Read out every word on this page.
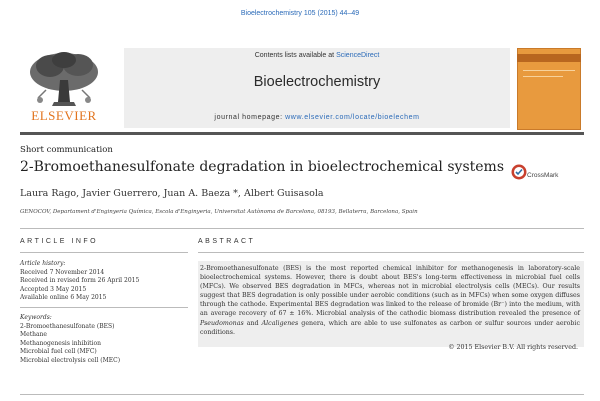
Bioelectrochemistry 105 (2015) 44–49
ELSEVIER
Contents lists available at ScienceDirect
Bioelectrochemistry
journal homepage: www.elsevier.com/locate/bioelechem
Short communication
2-Bromoethanesulfonate degradation in bioelectrochemical systems
CrossMark
Laura Rago, Javier Guerrero, Juan A. Baeza *, Albert Guisasola
GENOCOV, Departament d'Enginyeria Química, Escola d'Enginyeria, Universitat Autònoma de Barcelona, 08193, Bellaterra, Barcelona, Spain
ARTICLE INFO	ABSTRACT
Article history:
Received 7 November 2014
Received in revised form 26 April 2015
Accepted 3 May 2015
Available online 6 May 2015
Keywords:
2-Bromoethanesulfonate (BES)
Methane
Methanogenesis inhibition
Microbial fuel cell (MFC)
Microbial electrolysis cell (MEC)
2-Bromoethanesulfonate (BES) is the most reported chemical inhibitor for methanogenesis in laboratory-scale bioelectrochemical systems. However, there is doubt about BES's long-term effectiveness in microbial fuel cells (MFCs). We observed BES degradation in MFCs, whereas not in microbial electrolysis cells (MECs). Our results suggest that BES degradation is only possible under aerobic conditions (such as in MFCs) when some oxygen diffuses through the cathode. Experimental BES degradation was linked to the release of bromide (Br⁻) into the medium, with an average recovery of 67 ± 16%. Microbial analysis of the cathodic biomass distribution revealed the presence of Pseudomonas and Alcaligenes genera, which are able to use sulfonates as carbon or sulfur sources under aerobic conditions.
© 2015 Elsevier B.V. All rights reserved.
